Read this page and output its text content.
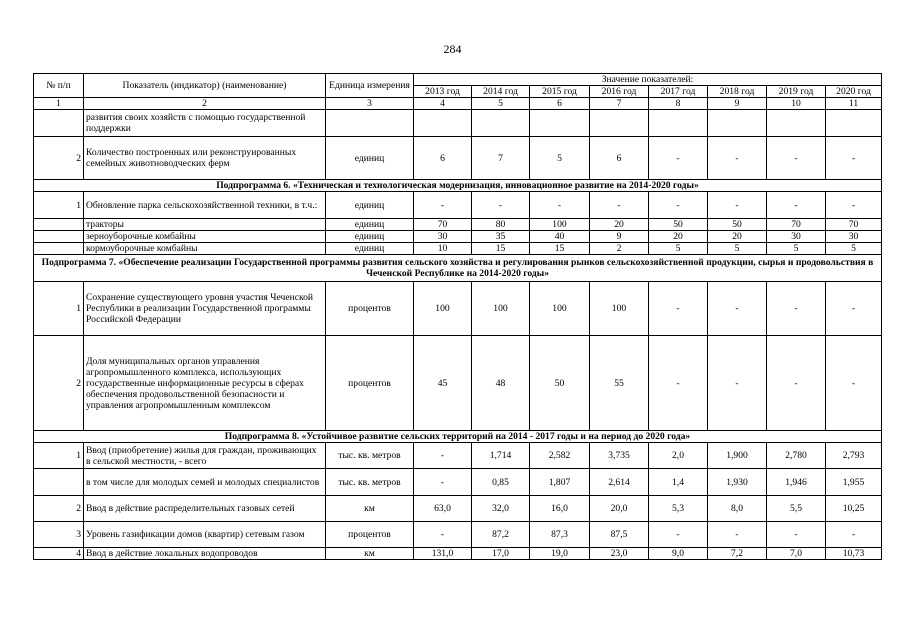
284
№ п/п	Показатель (индикатор) (наименование)	Единица измерения	Значение показателей:							
			2013 год	2014 год	2015 год	2016 год	2017 год	2018 год	2019 год	2020 год
1	2	3	4	5	6	7	8	9	10	11
	развития своих хозяйств с помощью государственной поддержки									
2	Количество построенных или реконструированных семейных животноводческих ферм	единиц	6	7	5	6	-	-	-	-
Подпрограмма 6. «Техническая и технологическая модернизация, инновационное развитие на 2014-2020 годы»										
1	Обновление парка сельскохозяйственной техники, в т.ч.:	единиц	-	-	-	-	-	-	-	-
	тракторы	единиц	70	80	100	20	50	50	70	70
	зерноуборочные комбайны	единиц	30	35	40	9	20	20	30	30
	кормоуборочные комбайны	единиц	10	15	15	2	5	5	5	5
Подпрограмма 7. «Обеспечение реализации Государственной программы развития сельского хозяйства и регулирования рынков сельскохозяйственной продукции, сырья и продовольствия в Чеченской Республике на 2014-2020 годы»										
1	Сохранение существующего уровня участия Чеченской Республики в реализации Государственной программы Российской Федерации	процентов	100	100	100	100	-	-	-	-
2	Доля муниципальных органов управления агропромышленного комплекса, использующих государственные информационные ресурсы в сферах обеспечения продовольственной безопасности и управления агропромышленным комплексом	процентов	45	48	50	55	-	-	-	-
Подпрограмма 8. «Устойчивое развитие сельских территорий на 2014 - 2017 годы и на период до 2020 года»										
1	Ввод (приобретение) жилья для граждан, проживающих в сельской местности, - всего	тыс. кв. метров	-	1,714	2,582	3,735	2,0	1,900	2,780	2,793
	в том числе для молодых семей и молодых специалистов	тыс. кв. метров	-	0,85	1,807	2,614	1,4	1,930	1,946	1,955
2	Ввод в действие распределительных газовых сетей	км	63,0	32,0	16,0	20,0	5,3	8,0	5,5	10,25
3	Уровень газификации домов (квартир) сетевым газом	процентов	-	87,2	87,3	87,5	-	-	-	-
4	Ввод в действие локальных водопроводов	км	131,0	17,0	19,0	23,0	9,0	7,2	7,0	10,73
